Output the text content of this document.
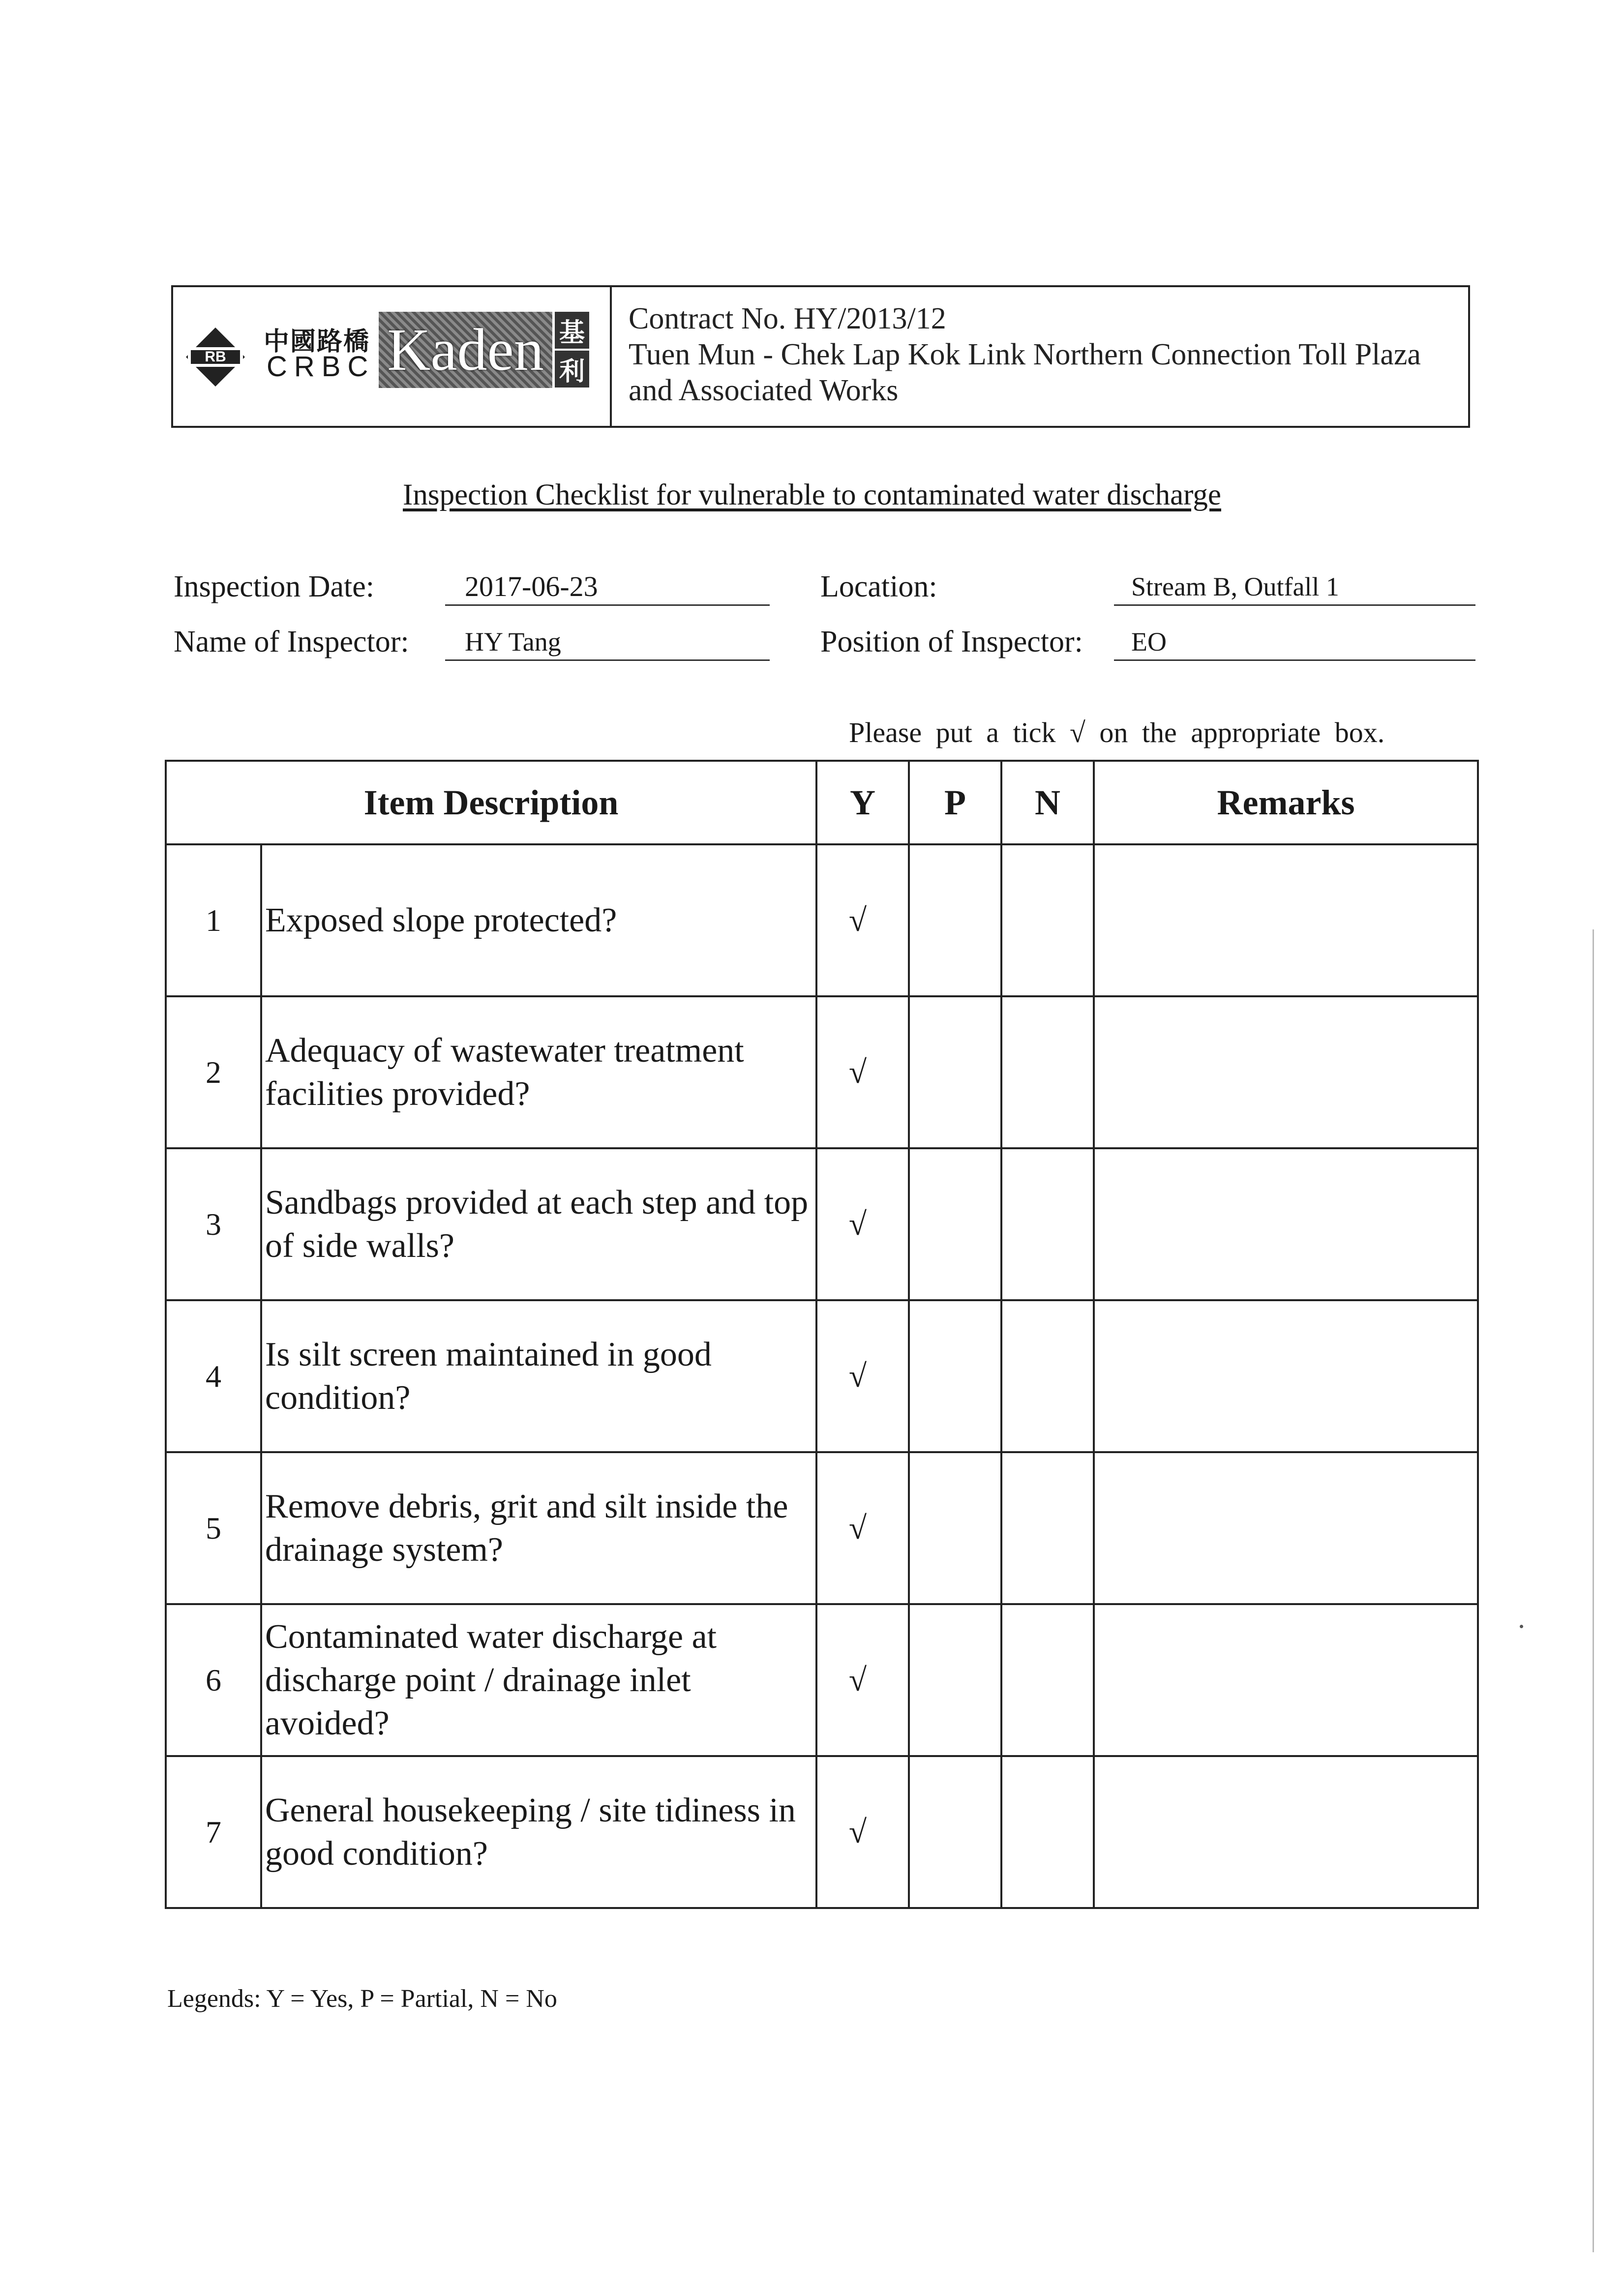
RB
中國路橋
CRBC Kaden 基
利
Contract No. HY/2013/12
Tuen Mun - Chek Lap Kok Link Northern Connection Toll Plaza
and Associated Works
Inspection Checklist for vulnerable to contaminated water discharge
Inspection Date:	2017-06-23	Location:	Stream B, Outfall 1
Name of Inspector:	HY Tang	Position of Inspector:	EO
Please put a tick √ on the appropriate box.
Item Description		Y	P	N	Remarks
1	Exposed slope protected?	√			
2	Adequacy of wastewater treatment facilities provided?	√			
3	Sandbags provided at each step and top of side walls?	√			
4	Is silt screen maintained in good condition?	√			
5	Remove debris, grit and silt inside the drainage system?	√			
6	Contaminated water discharge at discharge point / drainage inlet avoided?	√			
7	General housekeeping / site tidiness in good condition?	√			
Legends: Y = Yes, P = Partial, N = No
